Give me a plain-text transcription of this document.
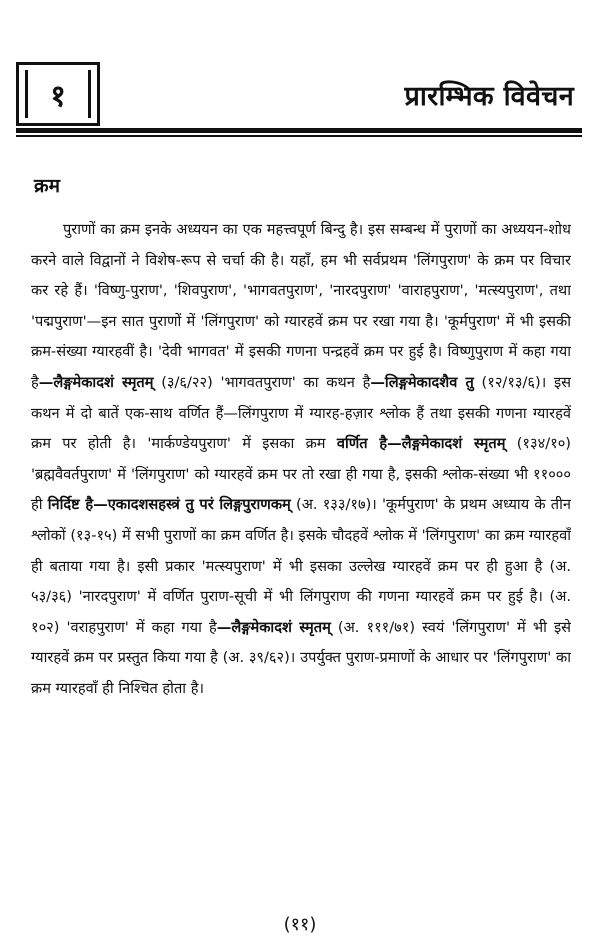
१	प्रारम्भिक विवेचन
क्रम
पुराणों का क्रम इनके अध्ययन का एक महत्त्वपूर्ण बिन्दु है। इस सम्बन्ध में पुराणों का अध्ययन-शोध करने वाले विद्वानों ने विशेष-रूप से चर्चा की है। यहाँ, हम भी सर्वप्रथम 'लिंगपुराण' के क्रम पर विचार कर रहे हैं। 'विष्णु-पुराण', 'शिवपुराण', 'भागवतपुराण', 'नारदपुराण' 'वाराहपुराण', 'मत्स्यपुराण', तथा 'पद्मपुराण'—इन सात पुराणों में 'लिंगपुराण' को ग्यारहवें क्रम पर रखा गया है। 'कूर्मपुराण' में भी इसकी क्रम-संख्या ग्यारहवीं है। 'देवी भागवत' में इसकी गणना पन्द्रहवें क्रम पर हुई है। विष्णुपुराण में कहा गया है—लैङ्गमेकादशं स्मृतम् (३/६/२२) 'भागवतपुराण' का कथन है—लिङ्गमेकादशैव तु (१२/१३/६)। इस कथन में दो बातें एक-साथ वर्णित हैं—लिंगपुराण में ग्यारह-हज़ार श्लोक हैं तथा इसकी गणना ग्यारहवें क्रम पर होती है। 'मार्कण्डेयपुराण' में इसका क्रम वर्णित है—लैङ्गमेकादशं स्मृतम् (१३४/१०) 'ब्रह्मवैवर्तपुराण' में 'लिंगपुराण' को ग्यारहवें क्रम पर तो रखा ही गया है, इसकी श्लोक-संख्या भी ११००० ही निर्दिष्ट है—एकादशसहस्त्रं तु परं लिङ्गपुराणकम् (अ. १३३/१७)। 'कूर्मपुराण' के प्रथम अध्याय के तीन श्लोकों (१३-१५) में सभी पुराणों का क्रम वर्णित है। इसके चौदहवें श्लोक में 'लिंगपुराण' का क्रम ग्यारहवाँ ही बताया गया है। इसी प्रकार 'मत्स्यपुराण' में भी इसका उल्लेख ग्यारहवें क्रम पर ही हुआ है (अ. ५३/३६) 'नारदपुराण' में वर्णित पुराण-सूची में भी लिंगपुराण की गणना ग्यारहवें क्रम पर हुई है। (अ. १०२) 'वराहपुराण' में कहा गया है—लैङ्गमेकादशं स्मृतम् (अ. १११/७१) स्वयं 'लिंगपुराण' में भी इसे ग्यारहवें क्रम पर प्रस्तुत किया गया है (अ. ३९/६२)। उपर्युक्त पुराण-प्रमाणों के आधार पर 'लिंगपुराण' का क्रम ग्यारहवाँ ही निश्चित होता है।
(११)
